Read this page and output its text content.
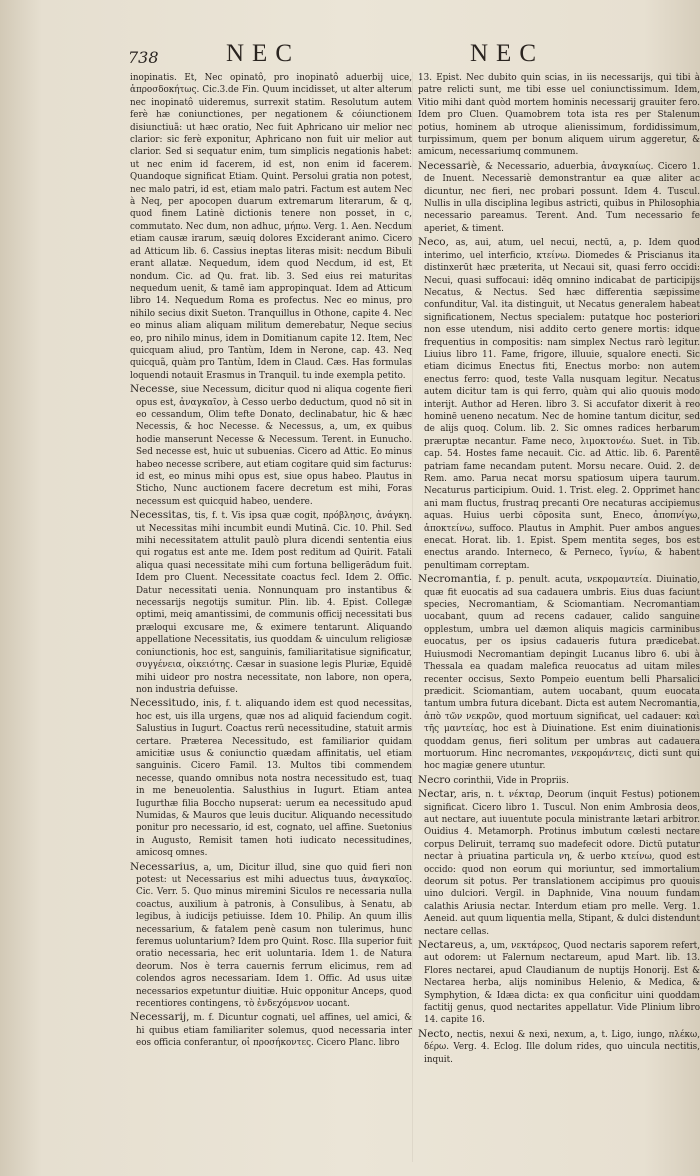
738	NEC	NEC

inopinatis. Et, Nec opinatô, pro inopinatô aduerbij uice, ἀπροσδοκήτως. Cic.3.de Fin. Quum incidisset, ut alter alterum nec inopinatô uideremus, surrexit statim. Resolutum autem ferè hæ coniunctiones, per negationem & cóiunctionem disiunctiuã: ut hæc oratio, Nec fuit Aphricano uir melior nec clarior: sic ferè exponitur, Aphricano non fuit uir melior aut clarior. Sed si sequatur enim, tum simplicis negationis habet: ut nec enim id facerem, id est, non enim id facerem. Quandoque significat Etiam. Quint. Persolui gratia non potest, nec malo patri, id est, etiam malo patri. Factum est autem Nec à Neq, per apocopen duarum extremarum literarum, & q, quod finem Latinè dictionis tenere non posset, in c, commutato. Nec dum, non adhuc, μήπω. Verg. 1. Aen. Necdum etiam causæ irarum, sæuiq dolores Exciderant animo. Cicero ad Atticum lib. 6. Cassius ineptas literas misit: necdum Bibuli erant allatæ. Nequedum, idem quod Necdum, id est, Et nondum. Cic. ad Qu. frat. lib. 3. Sed eius rei maturitas nequedum uenit, & tamē iam appropinquat. Idem ad Atticum libro 14. Nequedum Roma es profectus. Nec eo minus, pro nihilo secius dixit Sueton. Tranquillus in Othone, capite 4. Nec eo minus aliam aliquam militum demerebatur, Neque secius eo, pro nihilo minus, idem in Domitianum capite 12. Item, Nec quicquam aliud, pro Tantùm, Idem in Nerone, cap. 43. Neq quicquã, quàm pro Tantùm, Idem in Claud. Cæs. Has formulas loquendi notauit Erasmus in Tranquil. tu inde exempla petito.

Necesse, siue Necessum, dicitur quod ni aliqua cogente fieri opus est, ἀναγκαῖον, à Cesso uerbo deductum, quod nō sit in eo cessandum, Olim tefte Donato, declinabatur, hic & hæc Necessis, & hoc Necesse. & Necessus, a, um, ex quibus hodie manserunt Necesse & Necessum. Terent. in Eunucho. Sed necesse est, huic ut subuenias. Cicero ad Attic. Eo minus habeo necesse scribere, aut etiam cogitare quid sim facturus: id est, eo minus mihi opus est, siue opus habeo. Plautus in Sticho, Nunc auctionem facere decretum est mihi, Foras necessum est quicquid habeo, uendere.

Necessitas, tis, f. t. Vis ipsa quæ cogit, πρόβλησις, ἀνάγκη. ut Necessitas mihi incumbit eundi Mutinā. Cic. 10. Phil. Sed mihi necessitatem attulit paulò plura dicendi sententia eius qui rogatus est ante me. Idem post reditum ad Quirit. Fatali aliqua quasi necessitate mihi cum fortuna belligerādum fuit. Idem pro Cluent. Necessitate coactus fecl. Idem 2. Offic. Datur necessitati uenia. Nonnunquam pro instantibus & necessarijs negotijs sumitur. Plin. lib. 4. Epist. Collegæ optimi, meiq amantissimi, de communis officij necessitati bus præloqui excusare me, & eximere tentarunt. Aliquando appellatione Necessitatis, ius quoddam & uinculum religiosæ coniunctionis, hoc est, sanguinis, familiaritatisue significatur, συγγένεια, οἰκειότης. Cæsar in suasione legis Pluriæ, Equidē mihi uideor pro nostra necessitate, non labore, non opera, non industria defuisse.

Necessitudo, inis, f. t. aliquando idem est quod necessitas, hoc est, uis illa urgens, quæ nos ad aliquid faciendum cogit. Salustius in Iugurt. Coactus rerū necessitudine, statuit armis certare. Præterea Necessitudo, est familiarior quidam amicitiæ usus & coniunctio quædam affinitatis, uel etiam sanguinis. Cicero Famil. 13. Multos tibi commendem necesse, quando omnibus nota nostra necessitudo est, tuaq in me beneuolentia. Salusthius in Iugurt. Etiam antea Iugurthæ filia Boccho nupserat: uerum ea necessitudo apud Numidas, & Mauros que leuis ducitur. Aliquando necessitudo ponitur pro necessario, id est, cognato, uel affine. Suetonius in Augusto, Remisit tamen hoti iudicato necessitudines, amicosq omnes.

Necessarius, a, um, Dicitur illud, sine quo quid fieri non potest: ut Necessarius est mihi aduectus tuus, ἀναγκαῖος. Cic. Verr. 5. Quo minus miremini Siculos re necessaria nulla coactus, auxilium à patronis, à Consulibus, à Senatu, ab legibus, à iudicijs petiuisse. Idem 10. Philip. An quum illis necessarium, & fatalem penè casum non tulerimus, hunc feremus uoluntarium? Idem pro Quint. Rosc. Illa superior fuit oratio necessaria, hec erit uoluntaria. Idem 1. de Natura deorum. Nos è terra cauernis ferrum elicimus, rem ad colendos agros necessariam. Idem 1. Offic. Ad usus uitæ necessarios expetuntur diuitiæ. Huic opponitur Anceps, quod recentiores contingens, τὸ ἐνδεχόμενον uocant.

Necessarij, m. f. Dicuntur cognati, uel affines, uel amici, & hi quibus etiam familiariter solemus, quod necessaria inter eos officia conferantur, οἱ προσήκοντες. Cicero Planc. libro

13. Epist. Nec dubito quin scias, in iis necessarijs, qui tibi à patre relicti sunt, me tibi esse uel coniunctissimum. Idem, Vitio mihi dant quòd mortem hominis necessarij grauiter fero. Idem pro Cluen. Quamobrem tota ista res per Stalenum potius, hominem ab utroque alienissimum, fordidissimum, turpissimum, quem per bonum aliquem uirum aggeretur, & amicum, necessariumq communem.

Necessariè, & Necessario, aduerbia, ἀναγκαίως. Cicero 1. de Inuent. Necessariè demonstrantur ea quæ aliter ac dicuntur, nec fieri, nec probari possunt. Idem 4. Tuscul. Nullis in ulla disciplina legibus astricti, quibus in Philosophia necessario pareamus. Terent. And. Tum necessario fe aperiet, & timent.

Neco, as, aui, atum, uel necui, nectū, a, p. Idem quod interimo, uel interficio, κτείνω. Diomedes & Priscianus ita distinxerūt hæc præterita, ut Necaui sit, quasi ferro occidi: Necui, quasi suffocaui: idēq omnino indicabat de participijs Necatus, & Nectus. Sed hæc differentia sæpissime confunditur, Val. ita distinguit, ut Necatus generalem habeat significationem, Nectus specialem: putatque hoc posteriori non esse utendum, nisi addito certo genere mortis: idque frequentius in compositis: nam simplex Nectus rarò legitur. Liuius libro 11. Fame, frigore, illuuie, squalore enecti. Sic etiam dicimus Enectus fiti, Enectus morbo: non autem enectus ferro: quod, teste Valla nusquam legitur. Necatus autem dicitur tam is qui ferro, quàm qui alio quouis modo interijt. Author ad Heren. libro 3. Si accufator dixerit à reo hominē ueneno necatum. Nec de homine tantum dicitur, sed de alijs quoq. Colum. lib. 2. Sic omnes radices herbarum præruptæ necantur. Fame neco, λιμοκτονέω. Suet. in Tib. cap. 54. Hostes fame necauit. Cic. ad Attic. lib. 6. Parentē patriam fame necandam putent. Morsu necare. Ouid. 2. de Rem. amo. Parua necat morsu spatiosum uipera taurum. Necaturus participium. Ouid. 1. Trist. eleg. 2. Opprimet hanc ani mam fluctus, frustraq precanti Ore necaturas accipiemus aquas. Huius uerbi cōposita sunt, Eneco, ἀποπνίγω, ἀποκτείνω, suffoco. Plautus in Amphit. Puer ambos angues enecat. Horat. lib. 1. Epist. Spem mentita seges, bos est enectus arando. Interneco, & Perneco, ἴγνίω, & habent penultimam correptam.

Necromantia, f. p. penult. acuta, νεκρομαντεία. Diuinatio, quæ fit euocatis ad sua cadauera umbris. Eius duas faciunt species, Necromantiam, & Sciomantiam. Necromantiam uocabant, quum ad recens cadauer, calido sanguine opplestum, umbra uel dæmon aliquis magicis carminibus euocatus, per os ipsius cadaueris futura prædicebat. Huiusmodi Necromantiam depingit Lucanus libro 6. ubi à Thessala ea quadam malefica reuocatus ad uitam miles recenter occisus, Sexto Pompeio euentum belli Pharsalici prædicit. Sciomantiam, autem uocabant, quum euocata tantum umbra futura dicebant. Dicta est autem Necromantia, ἀπὸ τῶν νεκρῶν, quod mortuum significat, uel cadauer: καὶ τῆς μαντείας, hoc est à Diuinatione. Est enim diuinationis quoddam genus, fieri solitum per umbras aut cadauera mortuorum. Hinc necromantes, νεκρομάντεις, dicti sunt qui hoc magiæ genere utuntur.

Necro corinthii, Vide in Propriis.

Nectar, aris, n. t. νέκταρ, Deorum (inquit Festus) potionem significat. Cicero libro 1. Tuscul. Non enim Ambrosia deos, aut nectare, aut iuuentute pocula ministrante lætari arbitror. Ouidius 4. Metamorph. Protinus imbutum cœlesti nectare corpus Deliruit, terramq suo madefecit odore. Dictū putatur nectar à priuatina particula νη, & uerbo κτείνω, quod est occido: quod non eorum qui moriuntur, sed immortalium deorum sit potus. Per translationem accipimus pro quouis uino dulciori. Vergil. in Daphnide, Vina nouum fundam calathis Ariusia nectar. Interdum etiam pro melle. Verg. 1. Aeneid. aut quum liquentia mella, Stipant, & dulci distendunt nectare cellas.

Nectareus, a, um, νεκτάρεος, Quod nectaris saporem refert, aut odorem: ut Falernum nectareum, apud Mart. lib. 13. Flores nectarei, apud Claudianum de nuptijs Honorij. Est & Nectarea herba, alijs nominibus Helenio, & Medica, & Symphytion, & Idæa dicta: ex qua conficitur uini quoddam factitij genus, quod nectarites appellatur. Vide Plinium libro 14. capite 16.

Necto, nectis, nexui & nexi, nexum, a, t. Ligo, iungo, πλέκω, δέρω. Verg. 4. Eclog. Ille dolum rides, quo uincula nectitis, inquit.
